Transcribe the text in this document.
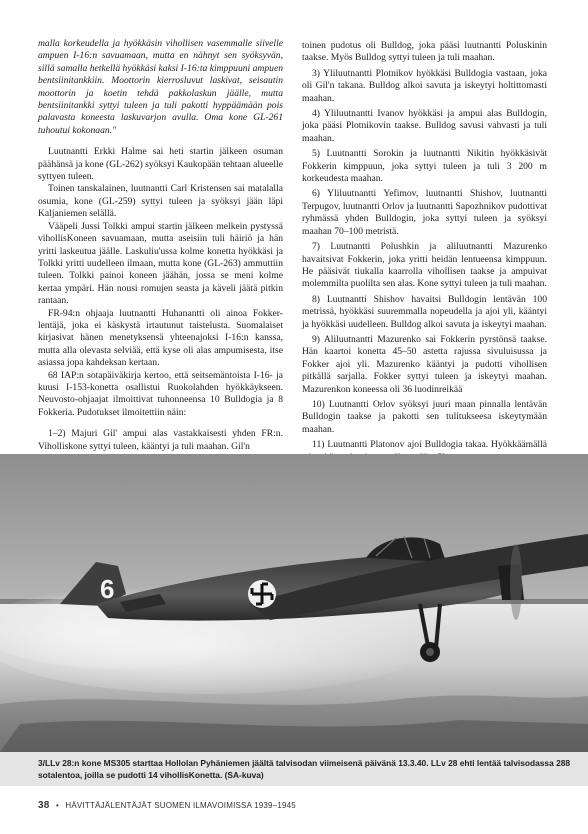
malla korkeudella ja hyökkäsin vihollisen vasemmalle siivelle ampuen I-16:n savuamaan, mutta en nähnyt sen syöksyvän, sillä samalla hetkellä hyökkäsi kaksi I-16:ta kimppuuni ampuen bentsiinitankkiin. Moottorin kierrosluvut laskivat, seisautin moottorin ja koetin tehdä pakkolaskun jäälle, mutta bentsiinitankki syttyi tuleen ja tuli pakotti hyppäämään pois palavasta koneesta laskuvarjon avulla. Oma kone GL-261 tuhoutui kokonaan."

Luutnantti Erkki Halme sai heti startin jälkeen osuman päähänsä ja kone (GL-262) syöksyi Kaukopään tehtaan alueelle syttyen tuleen.

Toinen tanskalainen, luutnantti Carl Kristensen sai matalalla osumia, kone (GL-259) syttyi tuleen ja syöksyi jään läpi Kaljaniemen selällä.

Vääpeli Jussi Tolkki ampui startin jälkeen melkein pystyssä vihollisKoneen savuamaan, mutta aseisiin tuli häiriö ja hän yritti laskeutua jäälle. Laskuliu'ussa kolme konetta hyökkäsi ja Tolkki yritti uudelleen ilmaan, mutta kone (GL-263) ammuttiin tuleen. Tolkki painoi koneen jäähän, jossa se meni kolme kertaa ympäri. Hän nousi romujen seasta ja käveli jäätä pitkin rantaan.

FR-94:n ohjaaja luutnantti Huhanantti oli ainoa Fokker-lentäjä, joka ei käskystä irtautunut taistelusta. Suomalaiset kirjasivat hänen menetyksensä yhteenajoksi I-16:n kanssa, mutta alla olevasta selviää, että kyse oli alas ampumisesta, itse asiassa jopa kahdeksan kertaan.

68 IAP:n sotapäiväkirja kertoo, että seitsemäntoista I-16- ja kuusi I-153-konetta osallistui Ruokolahden hyökkäykseen. Neuvosto-ohjaajat ilmoittivat tuhonneensa 10 Bulldogia ja 8 Fokkeria. Pudotukset ilmoitettiin näin:

1–2) Majuri Gil' ampui alas vastakkaisesti yhden FR:n. Viholliskone syttyi tuleen, kääntyi ja tuli maahan. Gil'n

toinen pudotus oli Bulldog, joka pääsi luutnantti Poluskinin taakse. Myös Bulldog syttyi tuleen ja tuli maahan.

3) Yliluutnantti Plotnikov hyökkäsi Bulldogia vastaan, joka oli Gil'n takana. Bulldog alkoi savuta ja iskeytyi holtittomasti maahan.

4) Yliluutnantti Ivanov hyökkäsi ja ampui alas Bulldogin, joka pääsi Plotnikovin taakse. Bulldog savusi vahvasti ja tuli maahan.

5) Luutnantti Sorokin ja luutnantti Nikitin hyökkäsivät Fokkerin kimppuun, joka syttyi tuleen ja tuli 3 200 m korkeudesta maahan.

6) Yliluutnantti Yefimov, luutnantti Shishov, luutnantti Terpugov, luutnantti Orlov ja luutnantti Sapozhnikov pudottivat ryhmässä yhden Bulldogin, joka syttyi tuleen ja syöksyi maahan 70–100 metristä.

7) Luutnantti Polushkin ja aliluutnantti Mazurenko havaitsivat Fokkerin, joka yritti heidän lentueensa kimppuun. He pääsivät tiukalla kaarrolla vihollisen taakse ja ampuivat molemmilta puolilta sen alas. Kone syttyi tuleen ja tuli maahan.

8) Luutnantti Shishov havaitsi Bulldogin lentävän 100 metrissä, hyökkäsi suuremmalla nopeudella ja ajoi yli, kääntyi ja hyökkäsi uudelleen. Bulldog alkoi savuta ja iskeytyi maahan.

9) Aliluutnantti Mazurenko sai Fokkerin pyrstönsä taakse. Hän kaartoi konetta 45–50 astetta rajussa sivuluisussa ja Fokker ajoi yli. Mazurenko kääntyi ja pudotti vihollisen pitkällä sarjalla. Fokker syttyi tuleen ja iskeytyi maahan. Mazurenkon koneessa oli 36 luodinreikää

10) Luutnantti Orlov syöksyi juuri maan pinnalla lentävän Bulldogin taakse ja pakotti sen tulitukseesa iskeytymään maahan.

11) Luutnantti Platonov ajoi Bulldogia takaa. Hyökkäämällä

6
3/LLv 28:n kone MS305 starttaa Hollolan Pyhäniemen jäältä talvisodan viimeisenä päivänä 13.3.40. LLv 28 ehti lentää talvisodassa 288 sotalentoa, joilla se pudotti 14 vihollisKonetta. (SA-kuva)
38 • HÄVITTÄJÄLENTÄJÄT SUOMEN ILMAVOIMISSA 1939–1945
